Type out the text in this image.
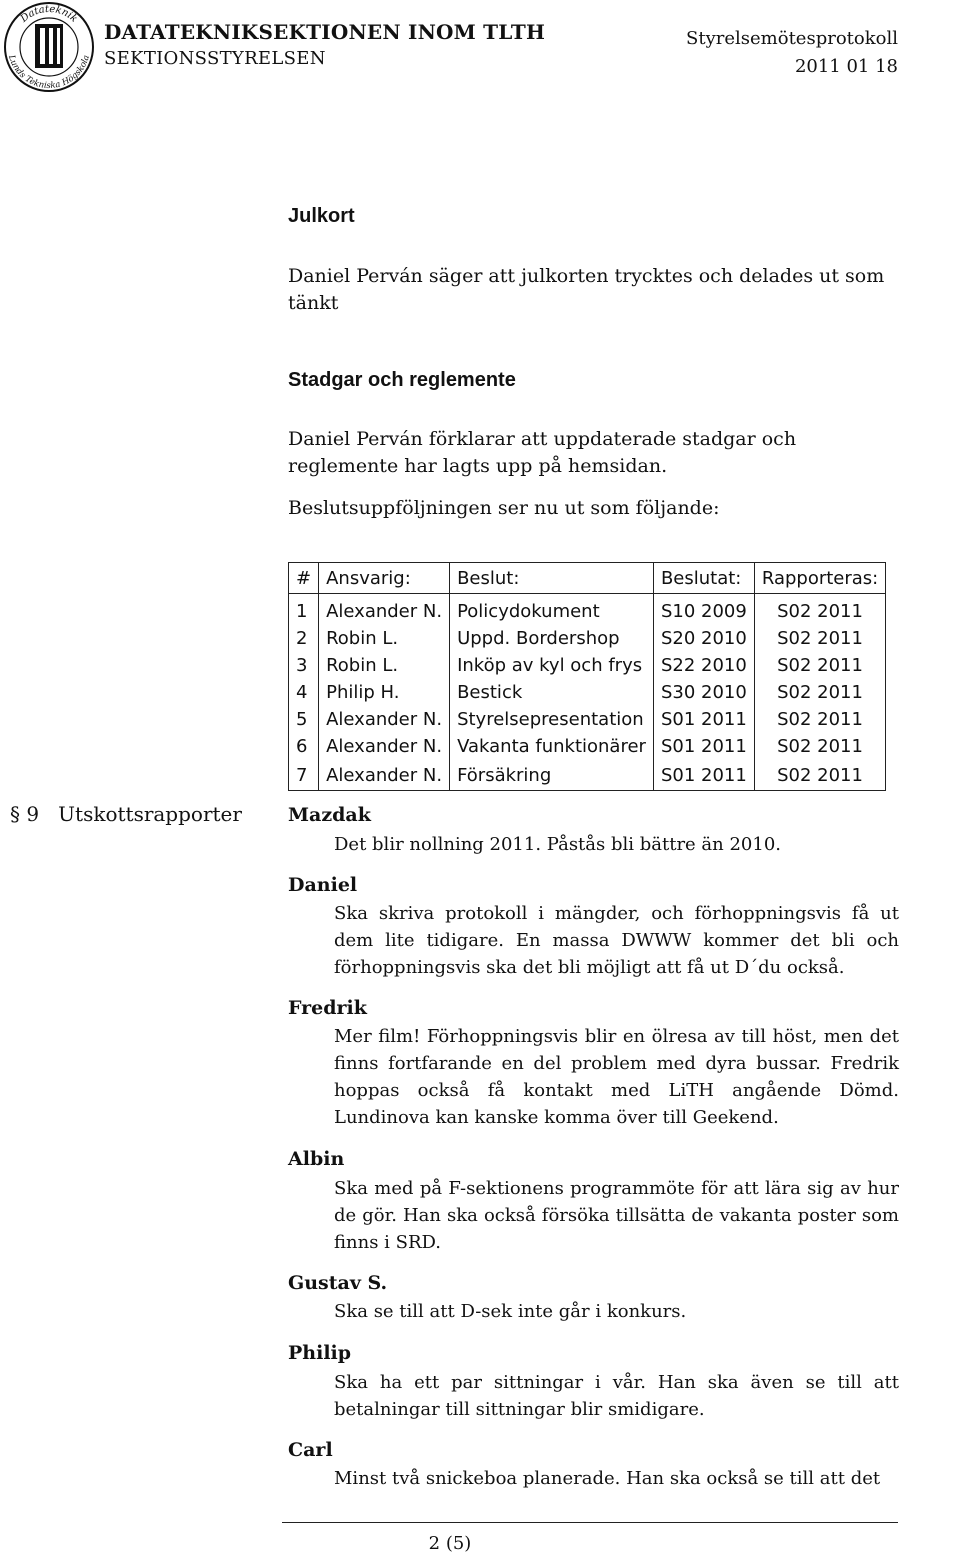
Datateknik
Lunds Tekniska Högskola
DATATEKNIKSEKTIONEN INOM TLTH
SEKTIONSSTYRELSEN
Styrelsemötesprotokoll
2011 01 18
Julkort
Daniel Perván säger att julkorten trycktes och delades ut som tänkt
Stadgar och reglemente
Daniel Perván förklarar att uppdaterade stadgar och reglemente har lagts upp på hemsidan.
Beslutsuppföljningen ser nu ut som följande:
#	Ansvarig:	Beslut:	Beslutat:	Rapporteras:
1	Alexander N.	Policydokument	S10 2009	S02 2011
2	Robin L.	Uppd. Bordershop	S20 2010	S02 2011
3	Robin L.	Inköp av kyl och frys	S22 2010	S02 2011
4	Philip H.	Bestick	S30 2010	S02 2011
5	Alexander N.	Styrelsepresentation	S01 2011	S02 2011
6	Alexander N.	Vakanta funktionärer	S01 2011	S02 2011
7	Alexander N.	Försäkring	S01 2011	S02 2011
§ 9 Utskottsrapporter Mazdak
Det blir nollning 2011. Påstås bli bättre än 2010.
Daniel
Ska skriva protokoll i mängder, och förhoppningsvis få ut dem lite tidigare. En massa DWWW kommer det bli och förhoppningsvis ska det bli möjligt att få ut D´du också.
Fredrik
Mer film! Förhoppningsvis blir en ölresa av till höst, men det finns fortfarande en del problem med dyra bussar. Fredrik hoppas också få kontakt med LiTH angående Dömd. Lundinova kan kanske komma över till Geekend.
Albin
Ska med på F-sektionens programmöte för att lära sig av hur de gör. Han ska också försöka tillsätta de vakanta poster som finns i SRD.
Gustav S.
Ska se till att D-sek inte går i konkurs.
Philip
Ska ha ett par sittningar i vår. Han ska även se till att betalningar till sittningar blir smidigare.
Carl
Minst två snickeboa planerade. Han ska också se till att det
2 (5)
